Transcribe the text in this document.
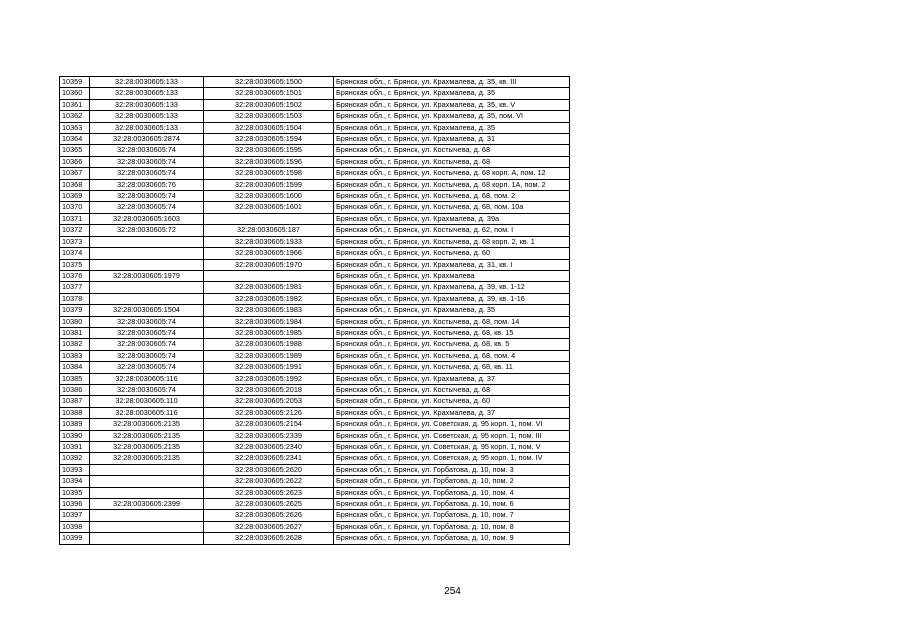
10359	32:28:0030605:133	32:28:0030605:1500	Брянская обл., г. Брянск, ул. Крахмалева, д. 35, кв. III
10360	32:28:0030605:133	32:28:0030605:1501	Брянская обл., г. Брянск, ул. Крахмалева, д. 35
10361	32:28:0030605:133	32:28:0030605:1502	Брянская обл., г. Брянск, ул. Крахмалева, д. 35, кв. V
10362	32:28:0030605:133	32:28:0030605:1503	Брянская обл., г. Брянск, ул. Крахмалева, д. 35, пом. VI
10363	32:28:0030605:133	32:28:0030605:1504	Брянская обл., г. Брянск, ул. Крахмалева, д. 35
10364	32:28:0030605:2874	32:28:0030605:1594	Брянская обл., г. Брянск, ул. Крахмалева, д. 31
10365	32:28:0030605:74	32:28:0030605:1595	Брянская обл., г. Брянск, ул. Костычева, д. 68
10366	32:28:0030605:74	32:28:0030605:1596	Брянская обл., г. Брянск, ул. Костычева, д. 68
10367	32:28:0030605:74	32:28:0030605:1598	Брянская обл., г. Брянск, ул. Костычева, д. 68 корп. А, пом. 12
10368	32:28:0030605:76	32:28:0030605:1599	Брянская обл., г. Брянск, ул. Костычева, д. 68 корп. 1А, пом. 2
10369	32:28:0030605:74	32:28:0030605:1600	Брянская обл., г. Брянск, ул. Костычева, д. 68, пом. 2
10370	32:28:0030605:74	32:28:0030605:1601	Брянская обл., г. Брянск, ул. Костычева, д. 68, пом. 10а
10371	32:28:0030605:1603		Брянская обл., г. Брянск, ул. Крахмалева, д. 39а
10372	32:28:0030605:72	32:28:0030605:187	Брянская обл., г. Брянск, ул. Костычева, д. 62, пом. I
10373		32:28:0030605:1933	Брянская обл., г. Брянск, ул. Костычева, д. 68 корп. 2, кв. 1
10374		32:28:0030605:1966	Брянская обл., г. Брянск, ул. Костычева, д. 60
10375		32:28:0030605:1970	Брянская обл., г. Брянск, ул. Крахмалева, д. 31, кв. I
10376	32:28:0030605:1979		Брянская обл., г. Брянск, ул. Крахмалева
10377		32:28:0030605:1981	Брянская обл., г. Брянск, ул. Крахмалева, д. 39, кв. 1-12
10378		32:28:0030605:1982	Брянская обл., г. Брянск, ул. Крахмалева, д. 39, кв. 1-16
10379	32:28:0030605:1504	32:28:0030605:1983	Брянская обл., г. Брянск, ул. Крахмалева, д. 35
10380	32:28:0030605:74	32:28:0030605:1984	Брянская обл., г. Брянск, ул. Костычева, д. 68, пом. 14
10381	32:28:0030605:74	32:28:0030605:1985	Брянская обл., г. Брянск, ул. Костычева, д. 68, кв. 15
10382	32:28:0030605:74	32:28:0030605:1988	Брянская обл., г. Брянск, ул. Костычева, д. 68, кв. 5
10383	32:28:0030605:74	32:28:0030605:1989	Брянская обл., г. Брянск, ул. Костычева, д. 68, пом. 4
10384	32:28:0030605:74	32:28:0030605:1991	Брянская обл., г. Брянск, ул. Костычева, д. 68, кв. 11
10385	32:28:0030605:116	32:28:0030605:1992	Брянская обл., г. Брянск, ул. Крахмалева, д. 37
10386	32:28:0030605:74	32:28:0030605:2018	Брянская обл., г. Брянск, ул. Костычева, д. 68
10387	32:28:0030605:110	32:28:0030605:2053	Брянская обл., г. Брянск, ул. Костычева, д. 60
10388	32:28:0030605:116	32:28:0030605:2126	Брянская обл., г. Брянск, ул. Крахмалева, д. 37
10389	32:28:0030605:2135	32:28:0030605:2154	Брянская обл., г. Брянск, ул. Советская, д. 95 корп. 1, пом. VI
10390	32:28:0030605:2135	32:28:0030605:2339	Брянская обл., г. Брянск, ул. Советская, д. 95 корп. 1, пом. III
10391	32:28:0030605:2135	32:28:0030605:2340	Брянская обл., г. Брянск, ул. Советская, д. 95 корп. 1, пом. V
10392	32:28:0030605:2135	32:28:0030605:2341	Брянская обл., г. Брянск, ул. Советская, д. 95 корп. 1, пом. IV
10393		32:28:0030605:2620	Брянская обл., г. Брянск, ул. Горбатова, д. 10, пом. 3
10394		32:28:0030605:2622	Брянская обл., г. Брянск, ул. Горбатова, д. 10, пом. 2
10395		32:28:0030605:2623	Брянская обл., г. Брянск, ул. Горбатова, д. 10, пом. 4
10396	32:28:0030605:2399	32:28:0030605:2625	Брянская обл., г. Брянск, ул. Горбатова, д. 10, пом. 6
10397		32:28:0030605:2626	Брянская обл., г. Брянск, ул. Горбатова, д. 10, пом. 7
10398		32:28:0030605:2627	Брянская обл., г. Брянск, ул. Горбатова, д. 10, пом. 8
10399		32:28:0030605:2628	Брянская обл., г. Брянск, ул. Горбатова, д. 10, пом. 9
254
